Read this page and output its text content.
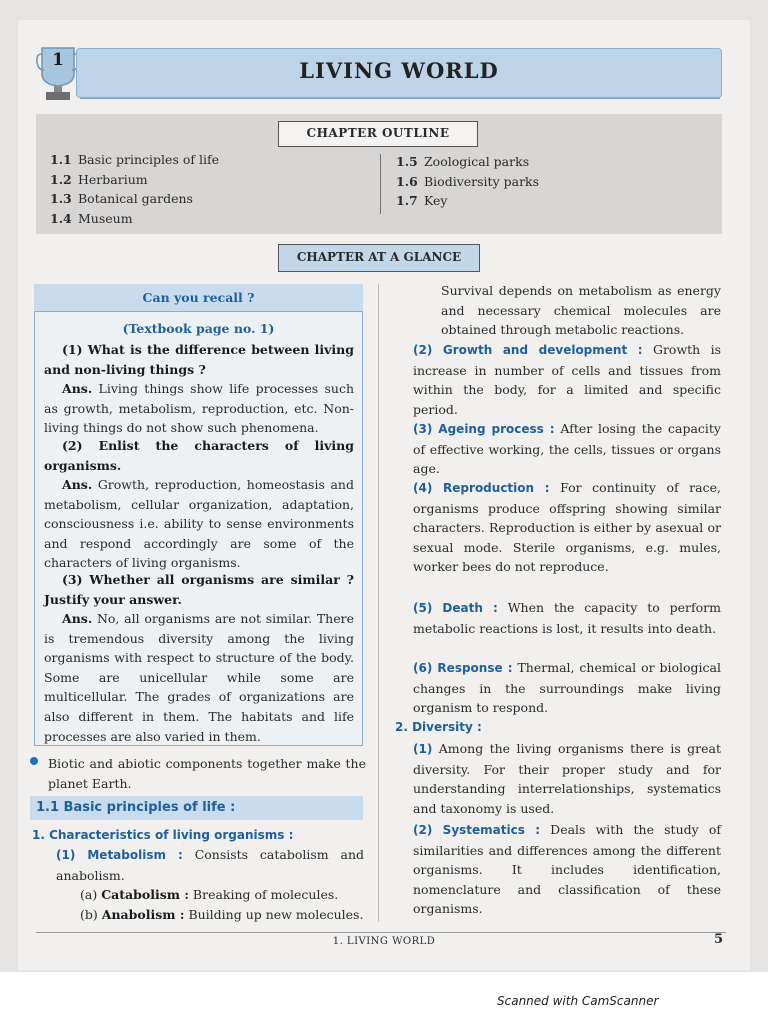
1	LIVING WORLD
CHAPTER OUTLINE
1.1 Basic principles of life
1.2 Herbarium
1.3 Botanical gardens
1.4 Museum
1.5 Zoological parks
1.6 Biodiversity parks
1.7 Key
CHAPTER AT A GLANCE
Can you recall ?
(Textbook page no. 1)
(1) What is the difference between living and non-living things ?
Ans. Living things show life processes such as growth, metabolism, reproduction, etc. Non-living things do not show such phenomena.
(2) Enlist the characters of living organisms.
Ans. Growth, reproduction, homeostasis and metabolism, cellular organization, adaptation, consciousness i.e. ability to sense environments and respond accordingly are some of the characters of living organisms.
(3) Whether all organisms are similar ? Justify your answer.
Ans. No, all organisms are not similar. There is tremendous diversity among the living organisms with respect to structure of the body. Some are unicellular while some are multicellular. The grades of organizations are also different in them. The habitats and life processes are also varied in them.
Biotic and abiotic components together make the planet Earth.
1.1 Basic principles of life :
1. Characteristics of living organisms :
(1) Metabolism : Consists catabolism and anabolism.
(a) Catabolism : Breaking of molecules.
(b) Anabolism : Building up new molecules.
Survival depends on metabolism as energy and necessary chemical molecules are obtained through metabolic reactions.
(2) Growth and development : Growth is increase in number of cells and tissues from within the body, for a limited and specific period.
(3) Ageing process : After losing the capacity of effective working, the cells, tissues or organs age.
(4) Reproduction : For continuity of race, organisms produce offspring showing similar characters. Reproduction is either by asexual or sexual mode. Sterile organisms, e.g. mules, worker bees do not reproduce.
(5) Death : When the capacity to perform metabolic reactions is lost, it results into death.
(6) Response : Thermal, chemical or biological changes in the surroundings make living organism to respond.
2. Diversity :
(1) Among the living organisms there is great diversity. For their proper study and for understanding interrelationships, systematics and taxonomy is used.
(2) Systematics : Deals with the study of similarities and differences among the different organisms. It includes identification, nomenclature and classification of these organisms.
1. LIVING WORLD	5
Scanned with CamScanner
